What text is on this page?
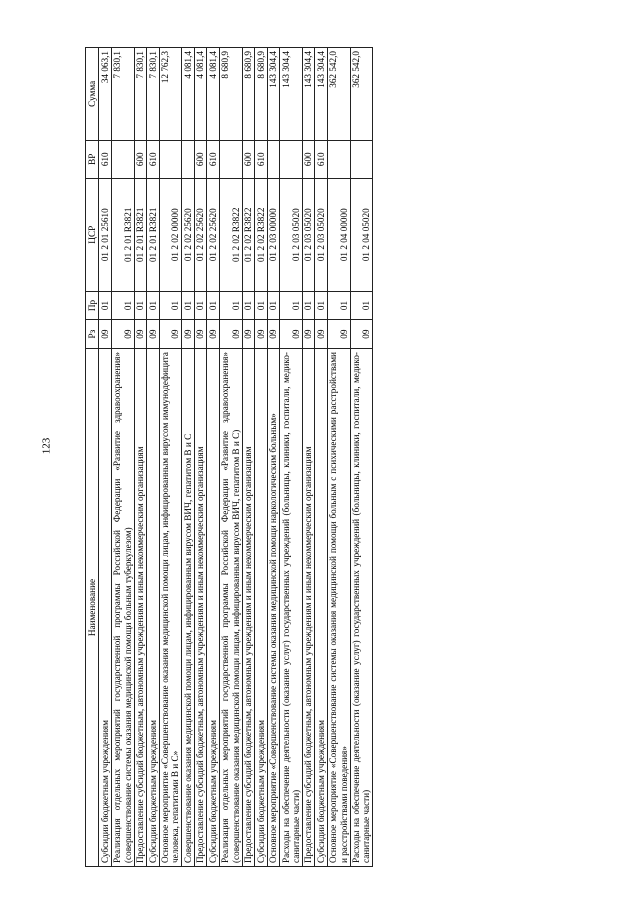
123
Наименование	Рз	Пр	ЦСР	ВР	Сумма
Субсидии бюджетным учреждениям	09	01	01 2 01 25610	610	34 063,1
Реализация отдельных мероприятий государственной программы Российской Федерации «Развитие здравоохранения» (совершенствование системы оказания медицинской помощи больным туберкулезом)	09	01	01 2 01 R3821		7 830,1
Предоставление субсидий бюджетным, автономным учреждениям и иным некоммерческим организациям	09	01	01 2 01 R3821	600	7 830,1
Субсидии бюджетным учреждениям	09	01	01 2 01 R3821	610	7 830,1
Основное мероприятие «Совершенствование оказания медицинской помощи лицам, инфицированным вирусом иммунодефицита человека, гепатитами В и С»	09	01	01 2 02 00000		12 762,3
Совершенствование оказания медицинской помощи лицам, инфицированным вирусом ВИЧ, гепатитом В и С	09	01	01 2 02 25620		4 081,4
Предоставление субсидий бюджетным, автономным учреждениям и иным некоммерческим организациям	09	01	01 2 02 25620	600	4 081,4
Субсидии бюджетным учреждениям	09	01	01 2 02 25620	610	4 081,4
Реализация отдельных мероприятий государственной программы Российской Федерации «Развитие здравоохранения» (совершенствование оказания медицинской помощи лицам, инфицированным вирусом ВИЧ, гепатитом В и С)	09	01	01 2 02 R3822		8 680,9
Предоставление субсидий бюджетным, автономным учреждениям и иным некоммерческим организациям	09	01	01 2 02 R3822	600	8 680,9
Субсидии бюджетным учреждениям	09	01	01 2 02 R3822	610	8 680,9
Основное мероприятие «Совершенствование системы оказания медицинской помощи наркологическим больным»	09	01	01 2 03 00000		143 304,4
Расходы на обеспечение деятельности (оказание услуг) государственных учреждений (больницы, клиники, госпитали, медико-санитарные части)	09	01	01 2 03 05020		143 304,4
Предоставление субсидий бюджетным, автономным учреждениям и иным некоммерческим организациям	09	01	01 2 03 05020	600	143 304,4
Субсидии бюджетным учреждениям	09	01	01 2 03 05020	610	143 304,4
Основное мероприятие «Совершенствование системы оказания медицинской помощи больным с психическими расстройствами и расстройствами поведения»	09	01	01 2 04 00000		362 542,0
Расходы на обеспечение деятельности (оказание услуг) государственных учреждений (больницы, клиники, госпитали, медико-санитарные части)	09	01	01 2 04 05020		362 542,0
